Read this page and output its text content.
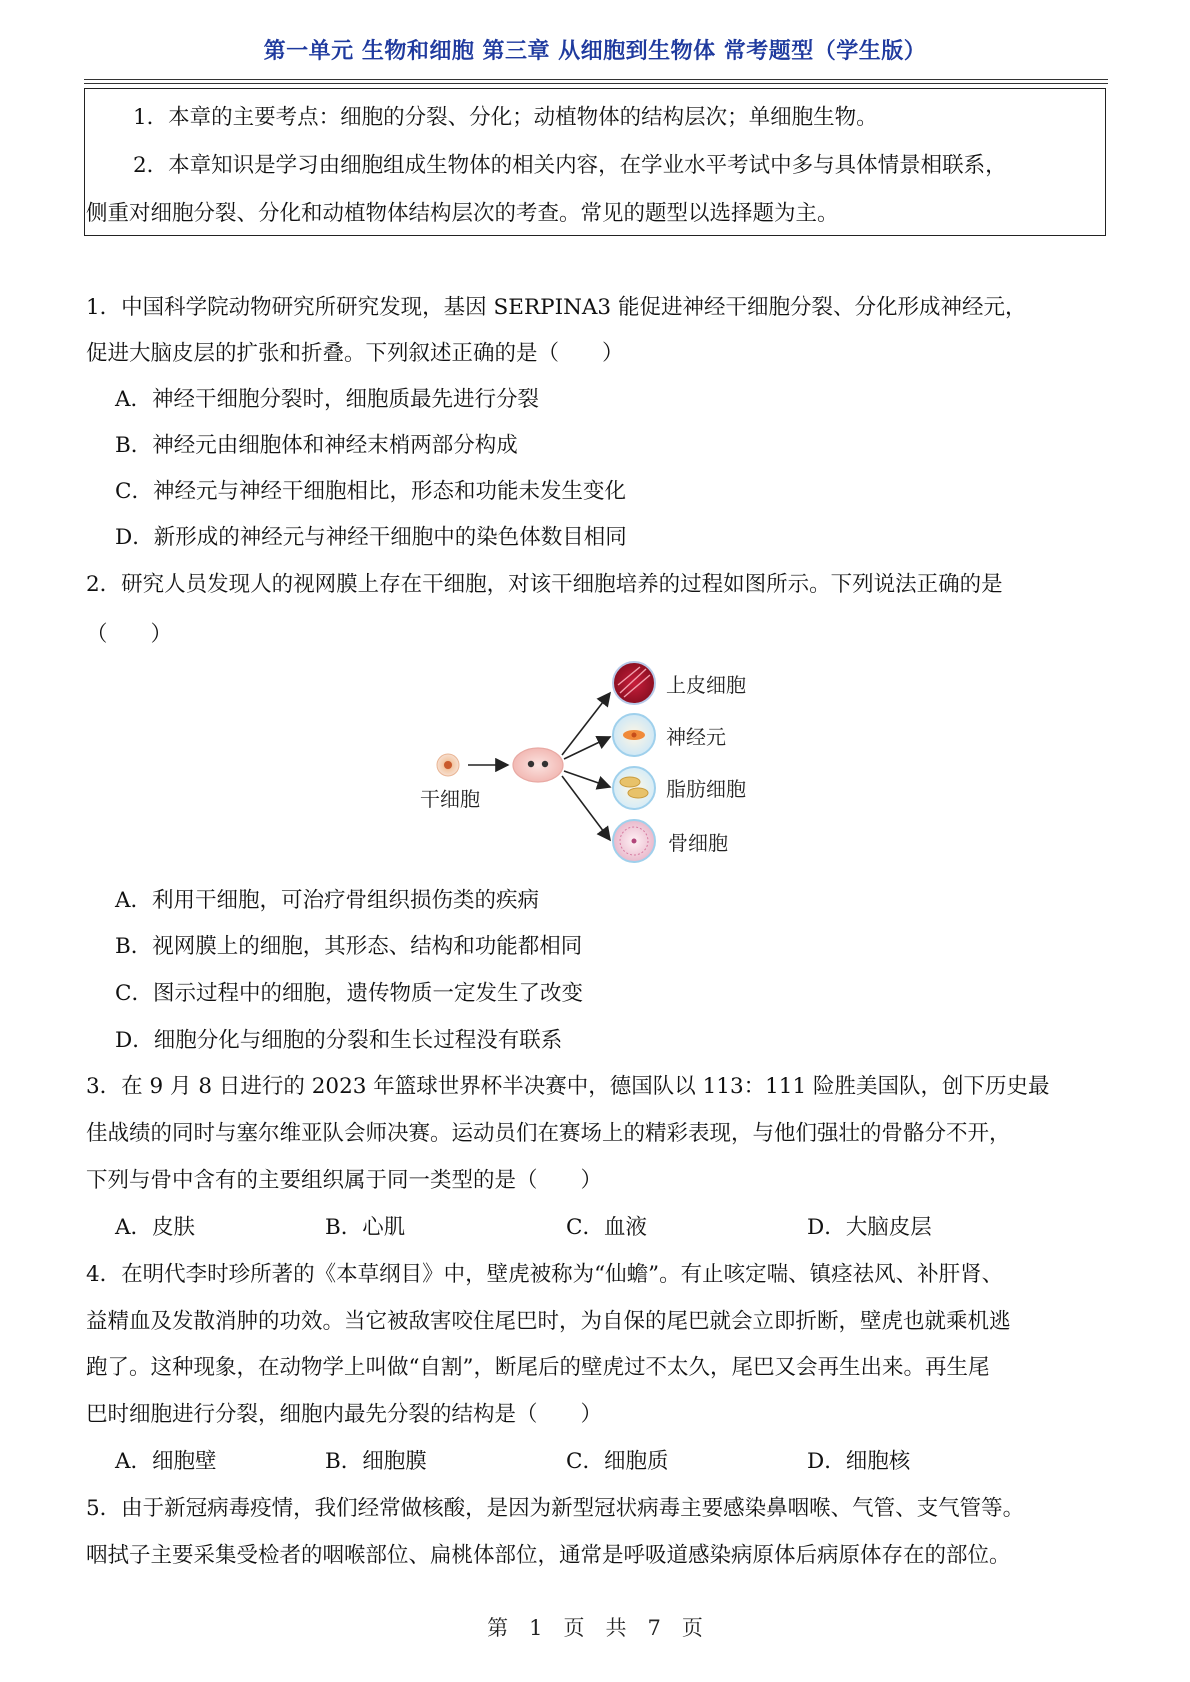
第一单元 生物和细胞 第三章 从细胞到生物体 常考题型（学生版）
1．本章的主要考点：细胞的分裂、分化；动植物体的结构层次；单细胞生物。
2．本章知识是学习由细胞组成生物体的相关内容，在学业水平考试中多与具体情景相联系，
侧重对细胞分裂、分化和动植物体结构层次的考查。常见的题型以选择题为主。
1．中国科学院动物研究所研究发现，基因 SERPINA3 能促进神经干细胞分裂、分化形成神经元，
促进大脑皮层的扩张和折叠。下列叙述正确的是（　　）
A．神经干细胞分裂时，细胞质最先进行分裂
B．神经元由细胞体和神经末梢两部分构成
C．神经元与神经干细胞相比，形态和功能未发生变化
D．新形成的神经元与神经干细胞中的染色体数目相同
2．研究人员发现人的视网膜上存在干细胞，对该干细胞培养的过程如图所示。下列说法正确的是
（　　）
干细胞
上皮细胞
神经元
脂肪细胞
骨细胞
A．利用干细胞，可治疗骨组织损伤类的疾病
B．视网膜上的细胞，其形态、结构和功能都相同
C．图示过程中的细胞，遗传物质一定发生了改变
D．细胞分化与细胞的分裂和生长过程没有联系
3．在 9 月 8 日进行的 2023 年篮球世界杯半决赛中，德国队以 113：111 险胜美国队，创下历史最
佳战绩的同时与塞尔维亚队会师决赛。运动员们在赛场上的精彩表现，与他们强壮的骨骼分不开，
下列与骨中含有的主要组织属于同一类型的是（　　）
A．皮肤	B．心肌	C．血液	D．大脑皮层
4．在明代李时珍所著的《本草纲目》中，壁虎被称为“仙蟾”。有止咳定喘、镇痉祛风、补肝肾、
益精血及发散消肿的功效。当它被敌害咬住尾巴时，为自保的尾巴就会立即折断，壁虎也就乘机逃
跑了。这种现象，在动物学上叫做“自割”，断尾后的壁虎过不太久，尾巴又会再生出来。再生尾
巴时细胞进行分裂，细胞内最先分裂的结构是（　　）
A．细胞壁	B．细胞膜	C．细胞质	D．细胞核
5．由于新冠病毒疫情，我们经常做核酸，是因为新型冠状病毒主要感染鼻咽喉、气管、支气管等。
咽拭子主要采集受检者的咽喉部位、扁桃体部位，通常是呼吸道感染病原体后病原体存在的部位。
第　1　页　共　7　页
